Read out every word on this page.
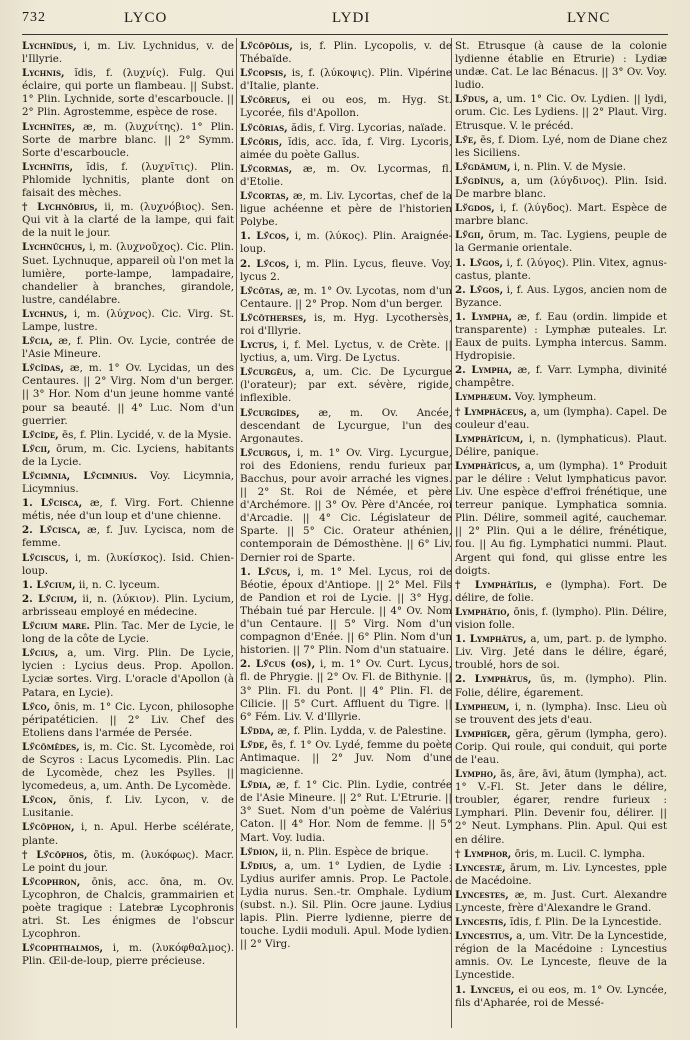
732	LYCO	LYDI	LYNC
Lychnīdus, i, m. Liv. Lychnidus, v. de l'Illyrie.
Lychnis, ĭdis, f. (λυχνίς). Fulg. Qui éclaire, qui porte un flambeau. || Subst. 1° Plin. Lychnide, sorte d'escarboucle. || 2° Plin. Agrostemme, espèce de rose.
Lychnītes, æ, m. (λυχνίτης). 1° Plin. Sorte de marbre blanc. || 2° Symm. Sorte d'escarboucle.
Lychnītis, ĭdis, f. (λυχνῖτις). Plin. Phlomide lychnitis, plante dont on faisait des mèches.
† Lychnŏbius, ii, m. (λυχνόβιος). Sen. Qui vit à la clarté de la lampe, qui fait de la nuit le jour.
Lychnūchus, i, m. (λυχνοῦχος). Cic. Plin. Suet. Lychnuque, appareil où l'on met la lumière, porte-lampe, lampadaire, chandelier à branches, girandole, lustre, candélabre.
Lychnus, i, m. (λύχνος). Cic. Virg. St. Lampe, lustre.
Lўcia, æ, f. Plin. Ov. Lycie, contrée de l'Asie Mineure.
Lўcĭdas, æ, m. 1° Ov. Lycidas, un des Centaures. || 2° Virg. Nom d'un berger. || 3° Hor. Nom d'un jeune homme vanté pour sa beauté. || 4° Luc. Nom d'un guerrier.
Lўcĭde, ēs, f. Plin. Lycidé, v. de la Mysie.
Lўcii, ōrum, m. Cic. Lyciens, habitants de la Lycie.
Lўcimnia, Lўcimnius. Voy. Licymnia, Licymnius.
1. Lўcisca, æ, f. Virg. Fort. Chienne métis, née d'un loup et d'une chienne.
2. Lўcisca, æ, f. Juv. Lycisca, nom de femme.
Lўciscus, i, m. (λυκίσκος). Isid. Chien-loup.
1. Lўcium, ii, n. C. lyceum.
2. Lўcium, ii, n. (λύκιον). Plin. Lycium, arbrisseau employé en médecine.
Lўcium mare. Plin. Tac. Mer de Lycie, le long de la côte de Lycie.
Lўcius, a, um. Virg. Plin. De Lycie, lycien : Lycius deus. Prop. Apollon. Lyciæ sortes. Virg. L'oracle d'Apollon (à Patara, en Lycie).
Lўco, ōnis, m. 1° Cic. Lycon, philosophe péripatéticien. || 2° Liv. Chef des Etoliens dans l'armée de Persée.
Lўcŏmēdes, is, m. Cic. St. Lycomède, roi de Scyros : Lacus Lycomedis. Plin. Lac de Lycomède, chez les Psylles. || lycomedeus, a, um. Anth. De Lycomède.
Lўcon, ōnis, f. Liv. Lycon, v. de Lusitanie.
Lўcŏphon, i, n. Apul. Herbe scélérate, plante.
† Lўcŏphos, ōtis, m. (λυκόφως). Macr. Le point du jour.
Lўcophron, ōnis, acc. ōna, m. Ov. Lycophron, de Chalcis, grammairien et poète tragique : Latebræ Lycophronis atri. St. Les énigmes de l'obscur Lycophron.
Lўcophthalmos, i, m. (λυκόφθαλμος). Plin. Œil-de-loup, pierre précieuse.
Lўcŏpŏlis, is, f. Plin. Lycopolis, v. de Thébaïde.
Lўcopsis, is, f. (λύκοψις). Plin. Vipérine d'Italie, plante.
Lўcōreus, ei ou eos, m. Hyg. St. Lycorée, fils d'Apollon.
Lўcōrias, ădis, f. Virg. Lycorias, naïade.
Lўcōris, ĭdis, acc. ĭda, f. Virg. Lycoris, aimée du poète Gallus.
Lўcormas, æ, m. Ov. Lycormas, fl. d'Etolie.
Lўcortas, æ, m. Liv. Lycortas, chef de la ligue achéenne et père de l'historien Polybe.
1. Lўcos, i, m. (λύκος). Plin. Araignée-loup.
2. Lўcos, i, m. Plin. Lycus, fleuve. Voy. lycus 2.
Lўcōtas, æ, m. 1° Ov. Lycotas, nom d'un Centaure. || 2° Prop. Nom d'un berger.
Lўcŏtherses, is, m. Hyg. Lycothersès, roi d'Illyrie.
Lyctus, i, f. Mel. Lyctus, v. de Crète. || lyctius, a, um. Virg. De Lyctus.
Lўcurgēus, a, um. Cic. De Lycurgue (l'orateur); par ext. sévère, rigide, inflexible.
Lўcurgĭdes, æ, m. Ov. Ancée, descendant de Lycurgue, l'un des Argonautes.
Lўcurgus, i, m. 1° Ov. Virg. Lycurgue, roi des Edoniens, rendu furieux par Bacchus, pour avoir arraché les vignes. || 2° St. Roi de Némée, et père d'Archémore. || 3° Ov. Père d'Ancée, roi d'Arcadie. || 4° Cic. Législateur de Sparte. || 5° Cic. Orateur athénien, contemporain de Démosthène. || 6° Liv. Dernier roi de Sparte.
1. Lўcus, i, m. 1° Mel. Lycus, roi de Béotie, époux d'Antiope. || 2° Mel. Fils de Pandion et roi de Lycie. || 3° Hyg. Thébain tué par Hercule. || 4° Ov. Nom d'un Centaure. || 5° Virg. Nom d'un compagnon d'Enée. || 6° Plin. Nom d'un historien. || 7° Plin. Nom d'un statuaire.
2. Lўcus (os), i, m. 1° Ov. Curt. Lycus, fl. de Phrygie. || 2° Ov. Fl. de Bithynie. || 3° Plin. Fl. du Pont. || 4° Plin. Fl. de Cilicie. || 5° Curt. Affluent du Tigre. || 6° Fém. Liv. V. d'Illyrie.
Lўdda, æ, f. Plin. Lydda, v. de Palestine.
Lўde, ēs, f. 1° Ov. Lydé, femme du poète Antimaque. || 2° Juv. Nom d'une magicienne.
Lўdia, æ, f. 1° Cic. Plin. Lydie, contrée de l'Asie Mineure. || 2° Rut. L'Etrurie. || 3° Suet. Nom d'un poème de Valérius Caton. || 4° Hor. Nom de femme. || 5° Mart. Voy. ludia.
Lўdion, ii, n. Plin. Espèce de brique.
Lўdius, a, um. 1° Lydien, de Lydie : Lydius aurifer amnis. Prop. Le Pactole. Lydia nurus. Sen.-tr. Omphale. Lydium (subst. n.). Sil. Plin. Ocre jaune. Lydius lapis. Plin. Pierre lydienne, pierre de touche. Lydii moduli. Apul. Mode lydien. || 2° Virg.
St. Etrusque (à cause de la colonie lydienne établie en Etrurie) : Lydiæ undæ. Cat. Le lac Bénacus. || 3° Ov. Voy. ludio.
Lўdus, a, um. 1° Cic. Ov. Lydien. || lydi, orum. Cic. Les Lydiens. || 2° Plaut. Virg. Etrusque. V. le précéd.
Lўe, ēs, f. Diom. Lyé, nom de Diane chez les Siciliens.
Lўgdămum, i, n. Plin. V. de Mysie.
Lўgdĭnus, a, um (λύγδινος). Plin. Isid. De marbre blanc.
Lўgdos, i, f. (λύγδος). Mart. Espèce de marbre blanc.
Lўgii, ōrum, m. Tac. Lygiens, peuple de la Germanie orientale.
1. Lўgos, i, f. (λύγος). Plin. Vitex, agnus-castus, plante.
2. Lўgos, i, f. Aus. Lygos, ancien nom de Byzance.
1. Lympha, æ, f. Eau (ordin. limpide et transparente) : Lymphæ putealеs. Lr. Eaux de puits. Lympha intercus. Samm. Hydropisie.
2. Lympha, æ, f. Varr. Lympha, divinité champêtre.
Lymphæum. Voy. lympheum.
† Lymphăceus, a, um (lympha). Capel. De couleur d'eau.
Lymphātĭcum, i, n. (lymphaticus). Plaut. Délire, panique.
Lymphātĭcus, a, um (lympha). 1° Produit par le délire : Velut lymphaticus pavor. Liv. Une espèce d'effroi frénétique, une terreur panique. Lymphatica somnia. Plin. Délire, sommeil agité, cauchemar. || 2° Plin. Qui a le délire, frénétique, fou. || Au fig. Lymphatici nummi. Plaut. Argent qui fond, qui glisse entre les doigts.
† Lymphātĭlis, e (lympha). Fort. De délire, de folie.
Lymphātio, ōnis, f. (lympho). Plin. Délire, vision folle.
1. Lymphātus, a, um, part. p. de lympho. Liv. Virg. Jeté dans le délire, égaré, troublé, hors de soi.
2. Lymphātus, ūs, m. (lympho). Plin. Folie, délire, égarement.
Lympheum, i, n. (lympha). Insc. Lieu où se trouvent des jets d'eau.
Lymphĭger, gĕra, gĕrum (lympha, gero). Corip. Qui roule, qui conduit, qui porte de l'eau.
Lympho, ās, āre, āvi, ātum (lympha), act. 1° V.-Fl. St. Jeter dans le délire, troubler, égarer, rendre furieux : Lymphari. Plin. Devenir fou, délirer. || 2° Neut. Lymphans. Plin. Apul. Qui est en délire.
† Lymphor, ōris, m. Lucil. C. lympha.
Lyncestæ, ārum, m. Liv. Lyncestes, pple de Macédoine.
Lyncestes, æ, m. Just. Curt. Alexandre Lynceste, frère d'Alexandre le Grand.
Lyncestis, ĭdis, f. Plin. De la Lyncestide.
Lyncestius, a, um. Vitr. De la Lyncestide, région de la Macédoine : Lyncestius amnis. Ov. Le Lynceste, fleuve de la Lyncestide.
1. Lynceus, ei ou eos, m. 1° Ov. Lyncée, fils d'Apharée, roi de Messé-
